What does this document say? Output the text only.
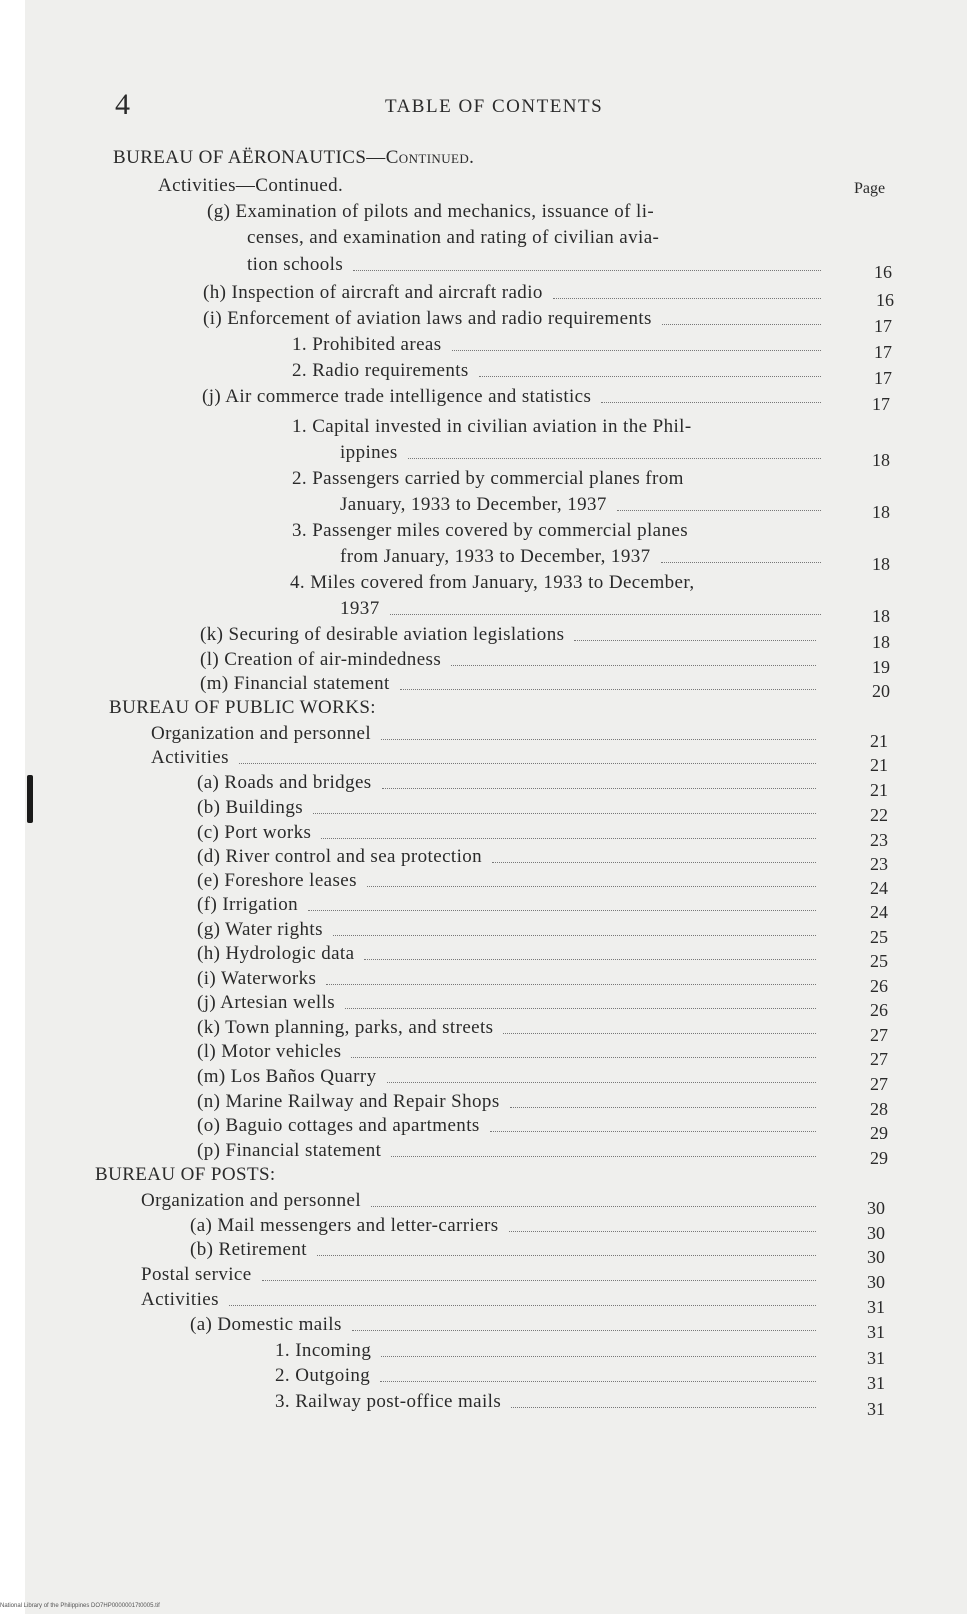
4	TABLE OF CONTENTS
Page
BUREAU OF AËRONAUTICS—Continued.
Activities—Continued.
(g) Examination of pilots and mechanics, issuance of li-
censes, and examination and rating of civilian avia-
tion schools	16
(h) Inspection of aircraft and aircraft radio	16
(i) Enforcement of aviation laws and radio requirements	17
1. Prohibited areas	17
2. Radio requirements	17
(j) Air commerce trade intelligence and statistics	17
1. Capital invested in civilian aviation in the Phil-
ippines	18
2. Passengers carried by commercial planes from
January, 1933 to December, 1937	18
3. Passenger miles covered by commercial planes
from January, 1933 to December, 1937	18
4. Miles covered from January, 1933 to December,
1937	18
(k) Securing of desirable aviation legislations	18
(l) Creation of air-mindedness	19
(m) Financial statement	20
BUREAU OF PUBLIC WORKS:
Organization and personnel	21
Activities	21
(a) Roads and bridges	21
(b) Buildings	22
(c) Port works	23
(d) River control and sea protection	23
(e) Foreshore leases	24
(f) Irrigation	24
(g) Water rights	25
(h) Hydrologic data	25
(i) Waterworks	26
(j) Artesian wells	26
(k) Town planning, parks, and streets	27
(l) Motor vehicles	27
(m) Los Baños Quarry	27
(n) Marine Railway and Repair Shops	28
(o) Baguio cottages and apartments	29
(p) Financial statement	29
BUREAU OF POSTS:
Organization and personnel	30
(a) Mail messengers and letter-carriers	30
(b) Retirement	30
Postal service	30
Activities	31
(a) Domestic mails	31
1. Incoming	31
2. Outgoing	31
3. Railway post-office mails	31
National Library of the Philippines DO7HP00000017t0005.tif
